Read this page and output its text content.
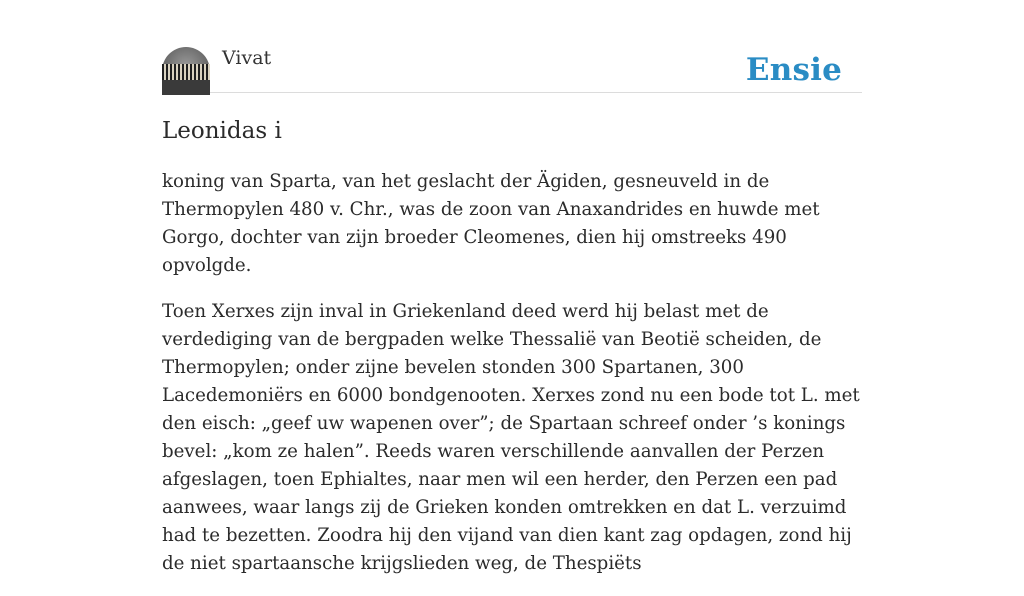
Vivat	Ensie
Leonidas i

koning van Sparta, van het geslacht der Ägiden, gesneuveld in de Thermopylen 480 v. Chr., was de zoon van Anaxandrides en huwde met Gorgo, dochter van zijn broeder Cleomenes, dien hij omstreeks 490 opvolgde.

Toen Xerxes zijn inval in Griekenland deed werd hij belast met de verdediging van de bergpaden welke Thessalië van Beotië scheiden, de Thermopylen; onder zijne bevelen stonden 300 Spartanen, 300 Lacedemoniërs en 6000 bondgenooten. Xerxes zond nu een bode tot L. met den eisch: „geef uw wapenen over”; de Spartaan schreef onder ’s konings bevel: „kom ze halen”. Reeds waren verschillende aanvallen der Perzen afgeslagen, toen Ephialtes, naar men wil een herder, den Perzen een pad aanwees, waar langs zij de Grieken konden omtrekken en dat L. verzuimd had te bezetten. Zoodra hij den vijand van dien kant zag opdagen, zond hij de niet spartaansche krijgslieden weg, de Thespiëts
